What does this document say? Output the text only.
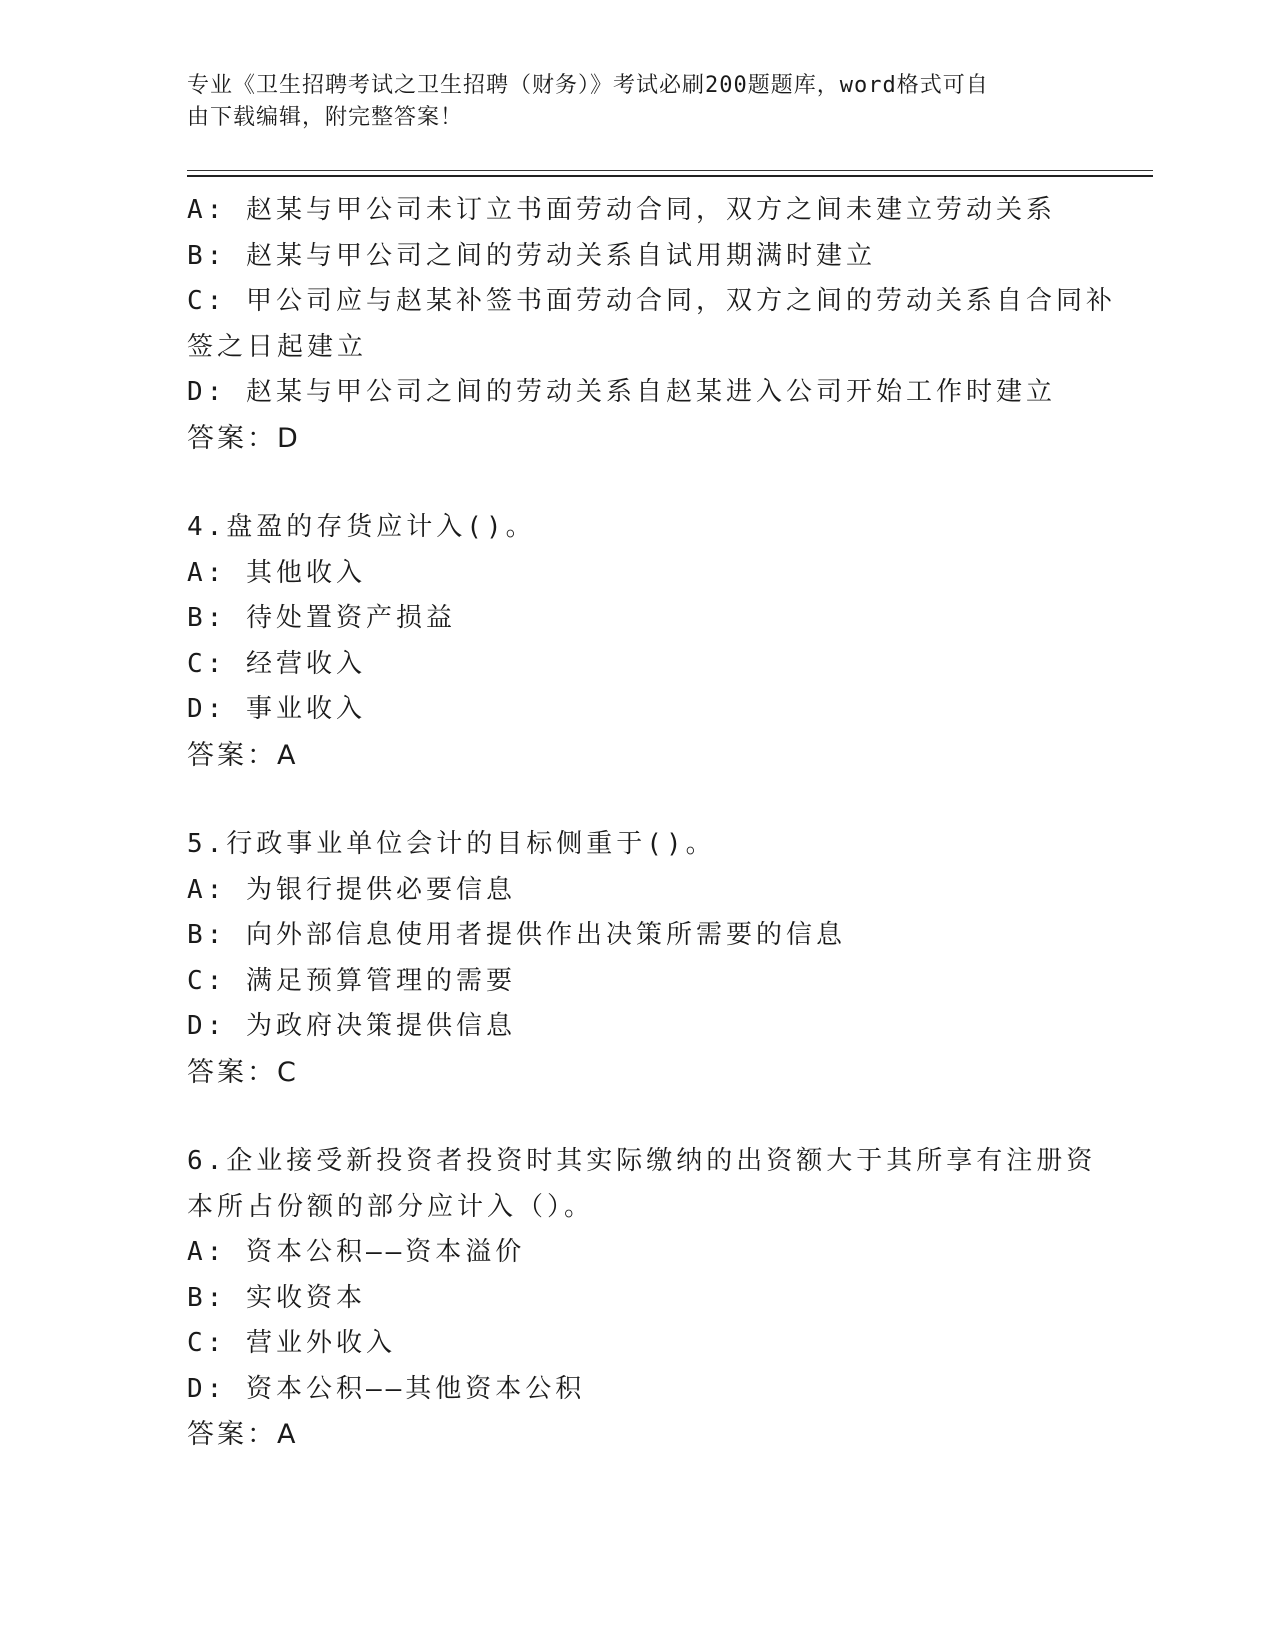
专业《卫生招聘考试之卫生招聘（财务）》考试必刷200题题库，word格式可自
由下载编辑，附完整答案！
A: 赵某与甲公司未订立书面劳动合同，双方之间未建立劳动关系
B: 赵某与甲公司之间的劳动关系自试用期满时建立
C: 甲公司应与赵某补签书面劳动合同，双方之间的劳动关系自合同补
签之日起建立
D: 赵某与甲公司之间的劳动关系自赵某进入公司开始工作时建立
答案：D
4.盘盈的存货应计入()。
A: 其他收入
B: 待处置资产损益
C: 经营收入
D: 事业收入
答案：A
5.行政事业单位会计的目标侧重于()。
A: 为银行提供必要信息
B: 向外部信息使用者提供作出决策所需要的信息
C: 满足预算管理的需要
D: 为政府决策提供信息
答案：C
6.企业接受新投资者投资时其实际缴纳的出资额大于其所享有注册资
本所占份额的部分应计入（）。
A: 资本公积——资本溢价
B: 实收资本
C: 营业外收入
D: 资本公积——其他资本公积
答案：A
